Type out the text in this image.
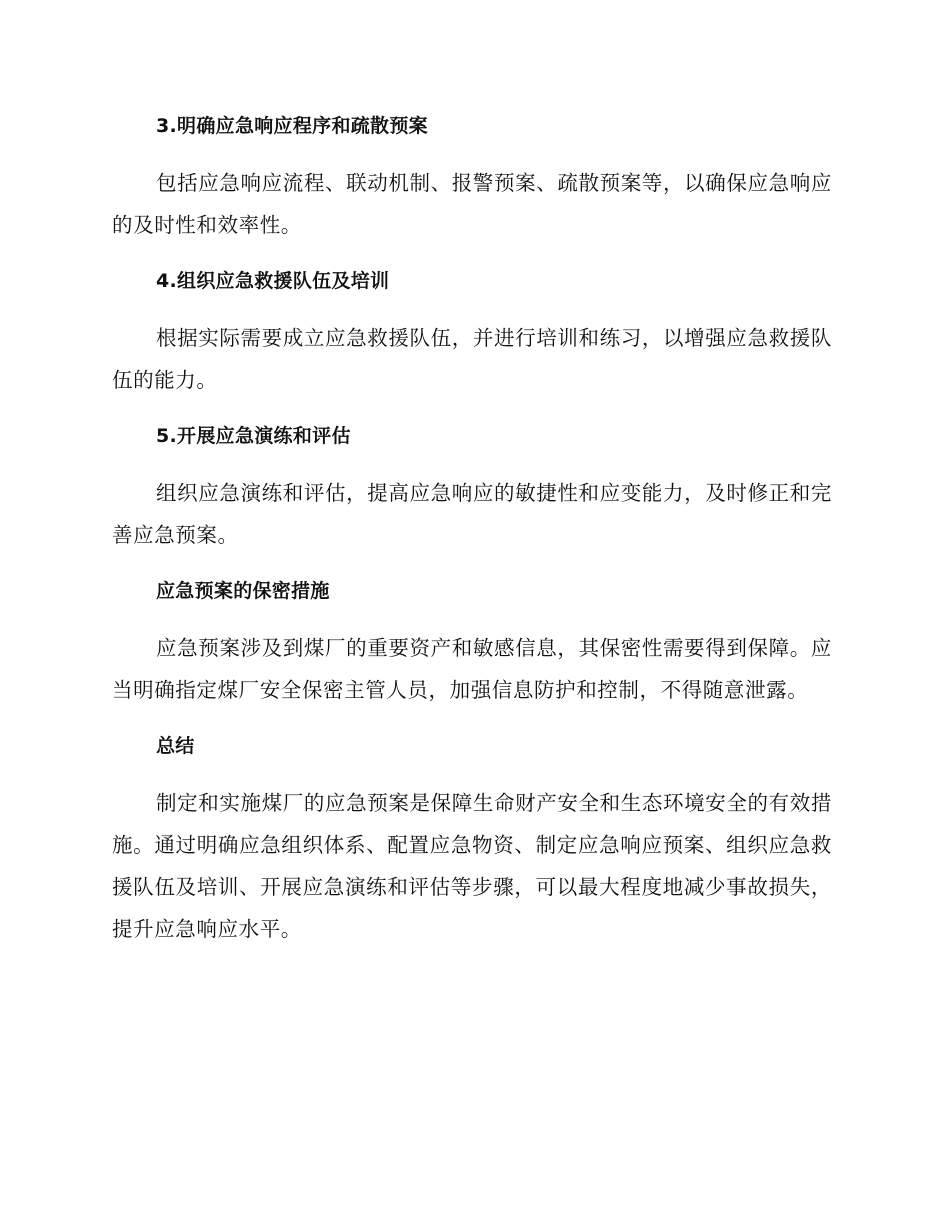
3.明确应急响应程序和疏散预案

包括应急响应流程、联动机制、报警预案、疏散预案等，以确保应急响应的及时性和效率性。

4.组织应急救援队伍及培训

根据实际需要成立应急救援队伍，并进行培训和练习，以增强应急救援队伍的能力。

5.开展应急演练和评估

组织应急演练和评估，提高应急响应的敏捷性和应变能力，及时修正和完善应急预案。

应急预案的保密措施

应急预案涉及到煤厂的重要资产和敏感信息，其保密性需要得到保障。应当明确指定煤厂安全保密主管人员，加强信息防护和控制，不得随意泄露。

总结

制定和实施煤厂的应急预案是保障生命财产安全和生态环境安全的有效措施。通过明确应急组织体系、配置应急物资、制定应急响应预案、组织应急救援队伍及培训、开展应急演练和评估等步骤，可以最大程度地减少事故损失，提升应急响应水平。
